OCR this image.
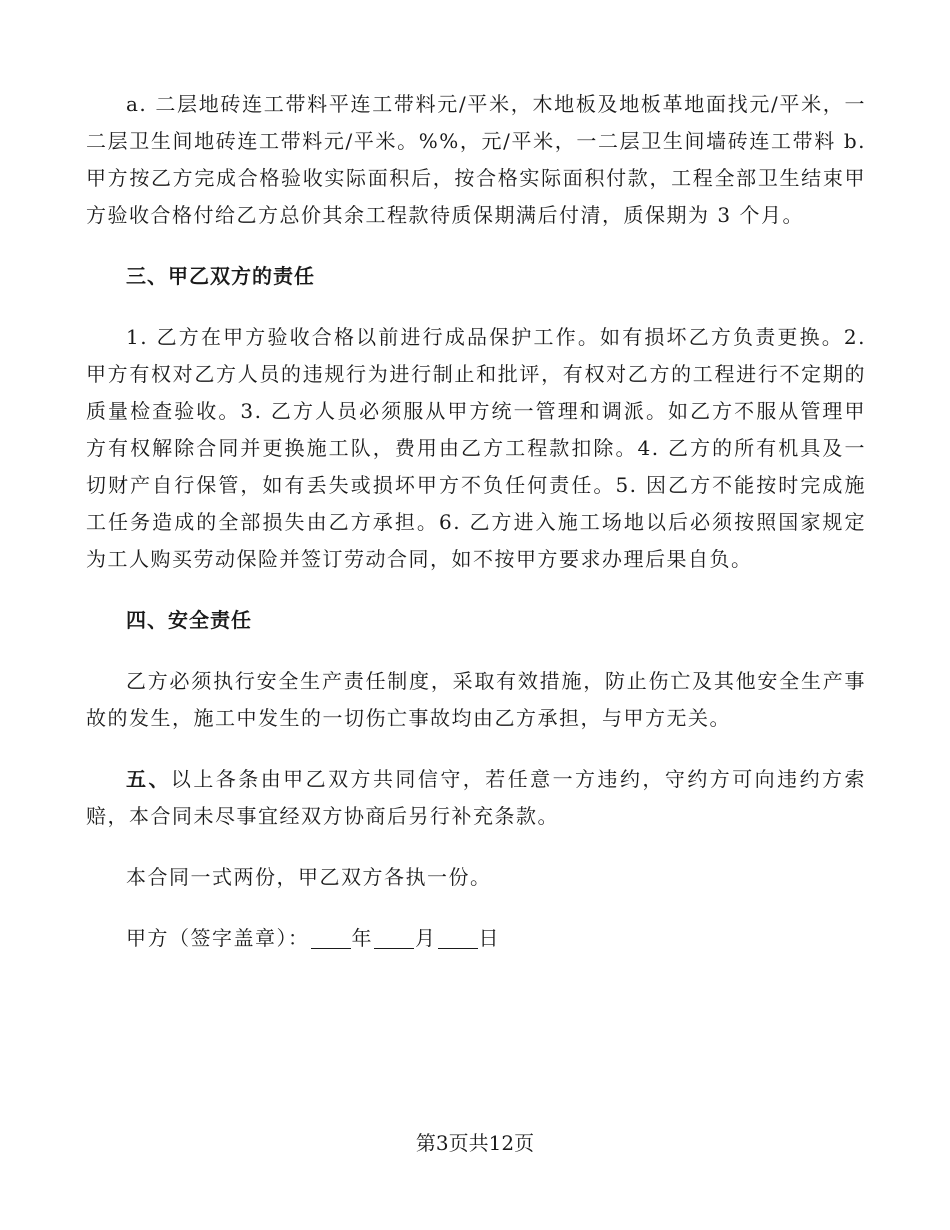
a. 二层地砖连工带料平连工带料元/平米，木地板及地板革地面找元/平米，一二层卫生间地砖连工带料元/平米。%%，元/平米，一二层卫生间墙砖连工带料 b. 甲方按乙方完成合格验收实际面积后，按合格实际面积付款，工程全部卫生结束甲方验收合格付给乙方总价其余工程款待质保期满后付清，质保期为 3 个月。

三、甲乙双方的责任

1. 乙方在甲方验收合格以前进行成品保护工作。如有损坏乙方负责更换。2. 甲方有权对乙方人员的违规行为进行制止和批评，有权对乙方的工程进行不定期的质量检查验收。3. 乙方人员必须服从甲方统一管理和调派。如乙方不服从管理甲方有权解除合同并更换施工队，费用由乙方工程款扣除。4. 乙方的所有机具及一切财产自行保管，如有丢失或损坏甲方不负任何责任。5. 因乙方不能按时完成施工任务造成的全部损失由乙方承担。6. 乙方进入施工场地以后必须按照国家规定为工人购买劳动保险并签订劳动合同，如不按甲方要求办理后果自负。

四、安全责任

乙方必须执行安全生产责任制度，采取有效措施，防止伤亡及其他安全生产事故的发生，施工中发生的一切伤亡事故均由乙方承担，与甲方无关。

五、以上各条由甲乙双方共同信守，若任意一方违约，守约方可向违约方索赔，本合同未尽事宜经双方协商后另行补充条款。

本合同一式两份，甲乙双方各执一份。

甲方（签字盖章）： 年 月 日

第3页共12页
